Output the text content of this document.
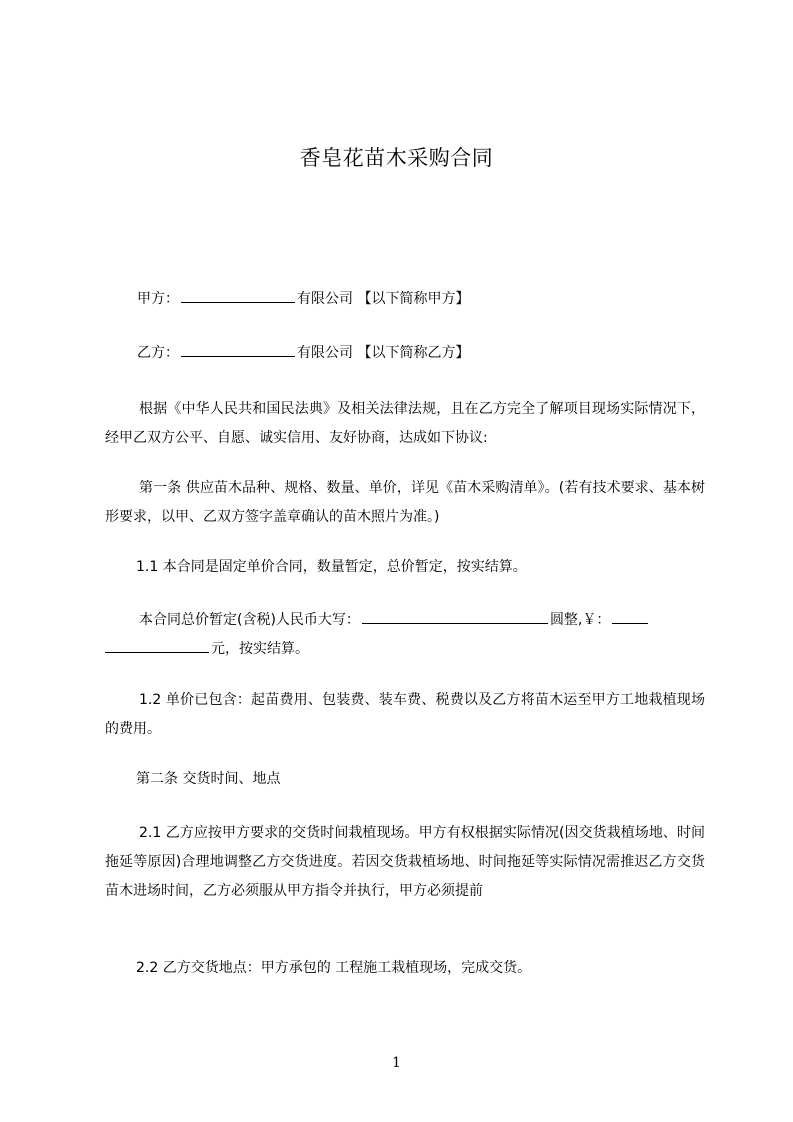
香皂花苗木采购合同
甲方：	有限公司 【以下简称甲方】
乙方：	有限公司 【以下简称乙方】
根据《中华人民共和国民法典》及相关法律法规，且在乙方完全了解项目现场实际情况下，经甲乙双方公平、自愿、诚实信用、友好协商，达成如下协议:
第一条 供应苗木品种、规格、数量、单价，详见《苗木采购清单》。(若有技术要求、基本树形要求，以甲、乙双方签字盖章确认的苗木照片为准。)
1.1 本合同是固定单价合同，数量暂定，总价暂定，按实结算。
本合同总价暂定(含税)人民币大写：	圆整,￥：
元，按实结算。
1.2 单价已包含：起苗费用、包装费、装车费、税费以及乙方将苗木运至甲方工地栽植现场的费用。
第二条 交货时间、地点
2.1 乙方应按甲方要求的交货时间栽植现场。甲方有权根据实际情况(因交货栽植场地、时间拖延等原因)合理地调整乙方交货进度。若因交货栽植场地、时间拖延等实际情况需推迟乙方交货苗木进场时间，乙方必须服从甲方指令并执行，甲方必须提前
2.2 乙方交货地点：甲方承包的 工程施工栽植现场，完成交货。
1
